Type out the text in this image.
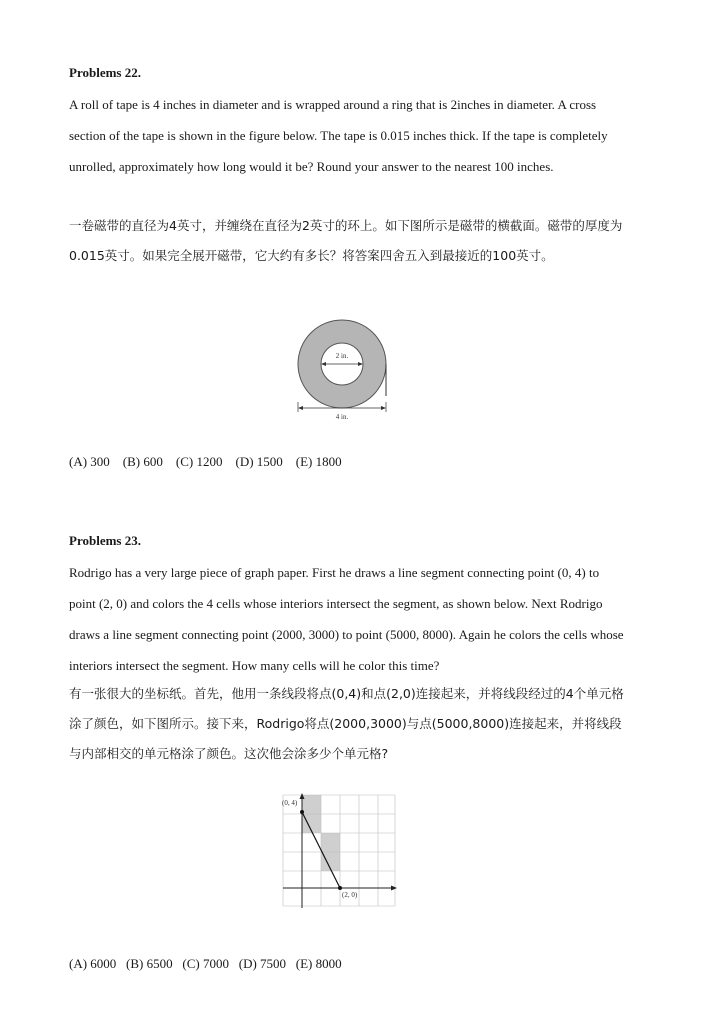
Problems 22.

A roll of tape is 4 inches in diameter and is wrapped around a ring that is 2inches in diameter. A cross section of the tape is shown in the figure below. The tape is 0.015 inches thick. If the tape is completely unrolled, approximately how long would it be? Round your answer to the nearest 100 inches.

一卷磁带的直径为4英寸，并缠绕在直径为2英寸的环上。如下图所示是磁带的横截面。磁带的厚度为0.015英寸。如果完全展开磁带，它大约有多长？将答案四舍五入到最接近的100英寸。

2 in.
4 in.
(A) 300 (B) 600 (C) 1200 (D) 1500 (E) 1800
Problems 23.

Rodrigo has a very large piece of graph paper. First he draws a line segment connecting point (0, 4) to point (2, 0) and colors the 4 cells whose interiors intersect the segment, as shown below. Next Rodrigo draws a line segment connecting point (2000, 3000) to point (5000, 8000). Again he colors the cells whose interiors intersect the segment. How many cells will he color this time?

有一张很大的坐标纸。首先，他用一条线段将点(0,4)和点(2,0)连接起来，并将线段经过的4个单元格涂了颜色，如下图所示。接下来，Rodrigo将点(2000,3000)与点(5000,8000)连接起来，并将线段与内部相交的单元格涂了颜色。这次他会涂多少个单元格?

(0, 4)
(2, 0)
(A) 6000 (B) 6500 (C) 7000 (D) 7500 (E) 8000
